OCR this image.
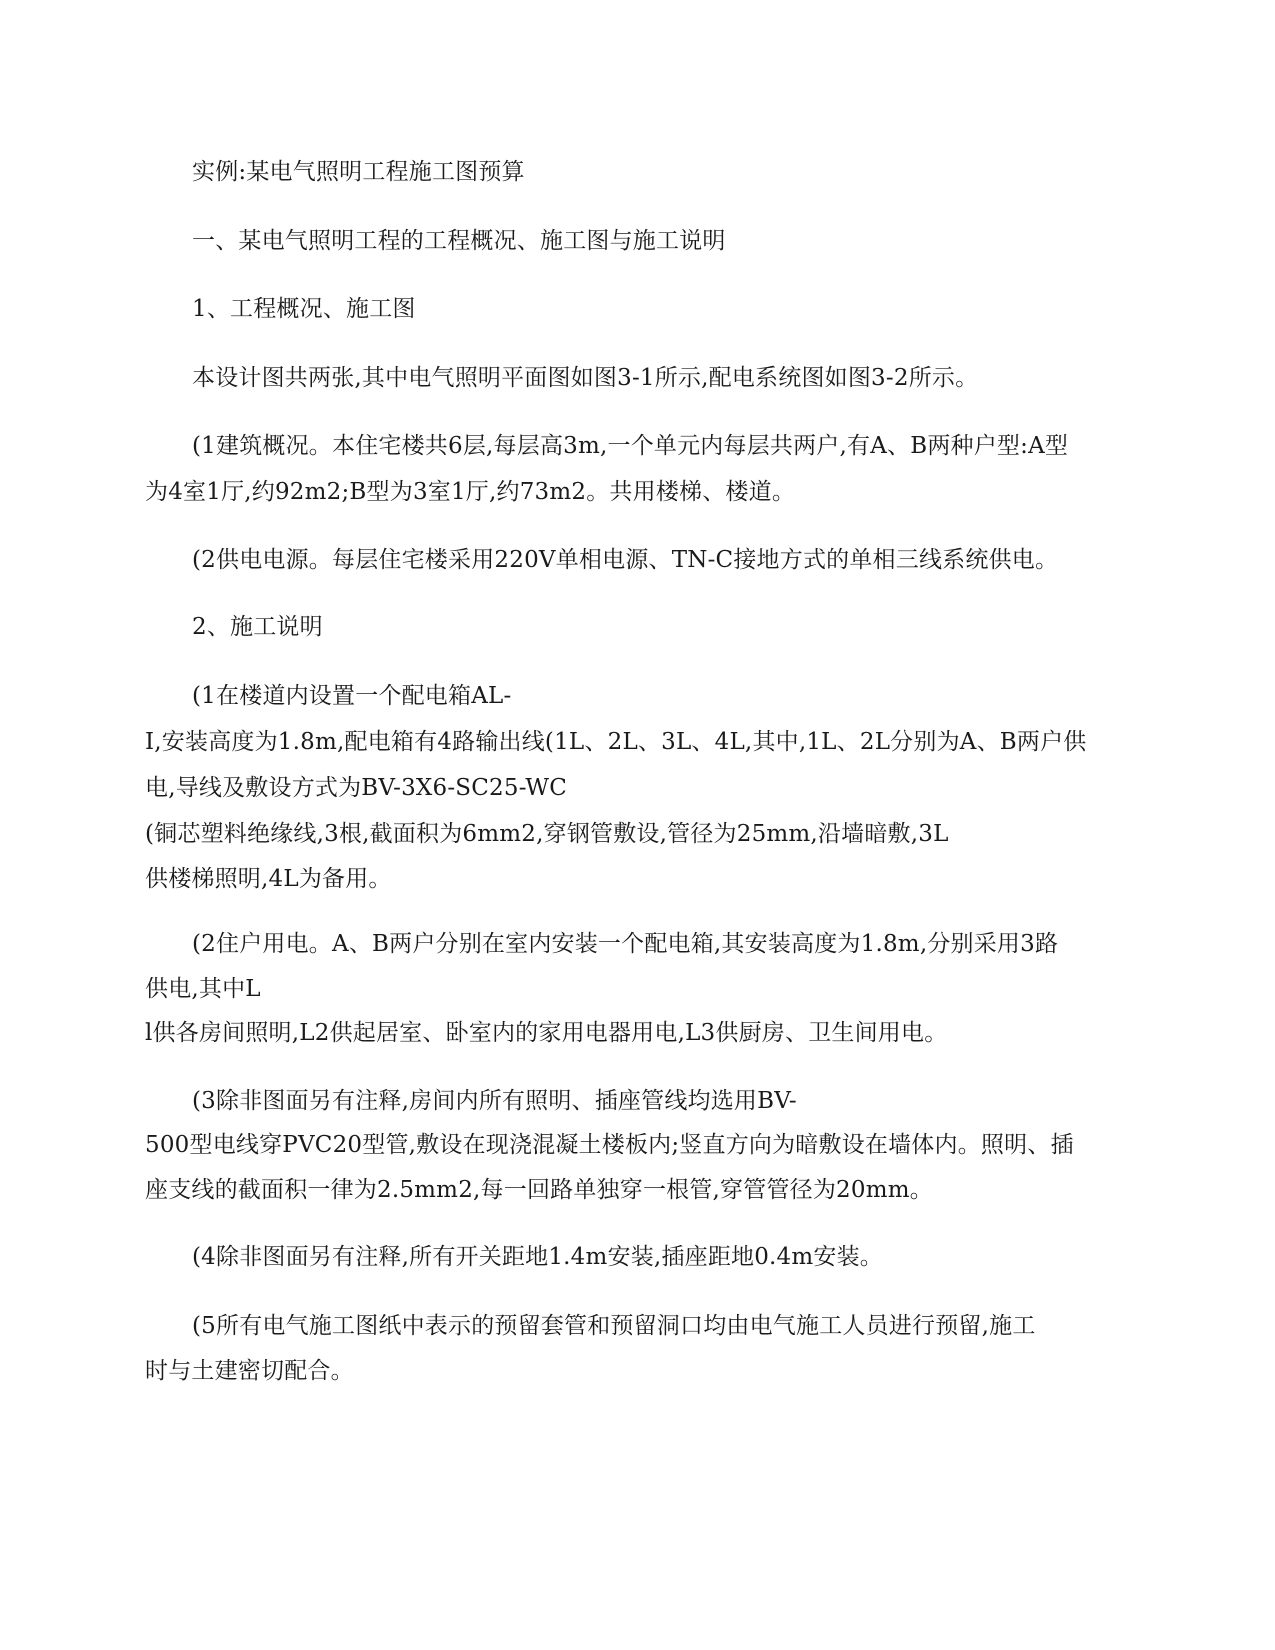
实例:某电气照明工程施工图预算
一、某电气照明工程的工程概况、施工图与施工说明
1、工程概况、施工图
本设计图共两张,其中电气照明平面图如图3-1所示,配电系统图如图3-2所示。
(1建筑概况。本住宅楼共6层,每层高3m,一个单元内每层共两户,有A、B两种户型:A型
为4室1厅,约92m2;B型为3室1厅,约73m2。共用楼梯、楼道。
(2供电电源。每层住宅楼采用220V单相电源、TN-C接地方式的单相三线系统供电。
2、施工说明
(1在楼道内设置一个配电箱AL-
I,安装高度为1.8m,配电箱有4路输出线(1L、2L、3L、4L,其中,1L、2L分别为A、B两户供
电,导线及敷设方式为BV-3X6-SC25-WC
(铜芯塑料绝缘线,3根,截面积为6mm2,穿钢管敷设,管径为25mm,沿墙暗敷,3L
供楼梯照明,4L为备用。
(2住户用电。A、B两户分别在室内安装一个配电箱,其安装高度为1.8m,分别采用3路
供电,其中L
l供各房间照明,L2供起居室、卧室内的家用电器用电,L3供厨房、卫生间用电。
(3除非图面另有注释,房间内所有照明、插座管线均选用BV-
500型电线穿PVC20型管,敷设在现浇混凝土楼板内;竖直方向为暗敷设在墙体内。照明、插
座支线的截面积一律为2.5mm2,每一回路单独穿一根管,穿管管径为20mm。
(4除非图面另有注释,所有开关距地1.4m安装,插座距地0.4m安装。
(5所有电气施工图纸中表示的预留套管和预留洞口均由电气施工人员进行预留,施工
时与土建密切配合。
